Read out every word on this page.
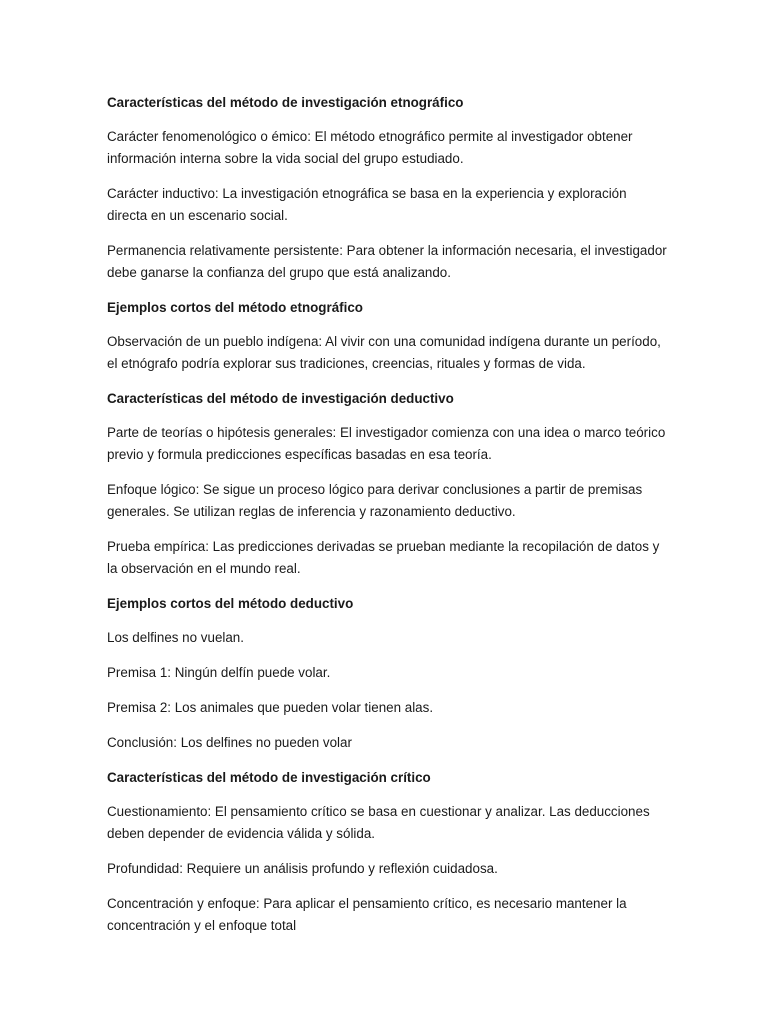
Características del método de investigación etnográfico

Carácter fenomenológico o émico: El método etnográfico permite al investigador obtener información interna sobre la vida social del grupo estudiado.

Carácter inductivo: La investigación etnográfica se basa en la experiencia y exploración directa en un escenario social.

Permanencia relativamente persistente: Para obtener la información necesaria, el investigador debe ganarse la confianza del grupo que está analizando.

Ejemplos cortos del método etnográfico

Observación de un pueblo indígena: Al vivir con una comunidad indígena durante un período, el etnógrafo podría explorar sus tradiciones, creencias, rituales y formas de vida.

Características del método de investigación deductivo

Parte de teorías o hipótesis generales: El investigador comienza con una idea o marco teórico previo y formula predicciones específicas basadas en esa teoría.

Enfoque lógico: Se sigue un proceso lógico para derivar conclusiones a partir de premisas generales. Se utilizan reglas de inferencia y razonamiento deductivo.

Prueba empírica: Las predicciones derivadas se prueban mediante la recopilación de datos y la observación en el mundo real.

Ejemplos cortos del método deductivo

Los delfines no vuelan.

Premisa 1: Ningún delfín puede volar.

Premisa 2: Los animales que pueden volar tienen alas.

Conclusión: Los delfines no pueden volar

Características del método de investigación crítico

Cuestionamiento: El pensamiento crítico se basa en cuestionar y analizar. Las deducciones deben depender de evidencia válida y sólida.

Profundidad: Requiere un análisis profundo y reflexión cuidadosa.

Concentración y enfoque: Para aplicar el pensamiento crítico, es necesario mantener la concentración y el enfoque total
